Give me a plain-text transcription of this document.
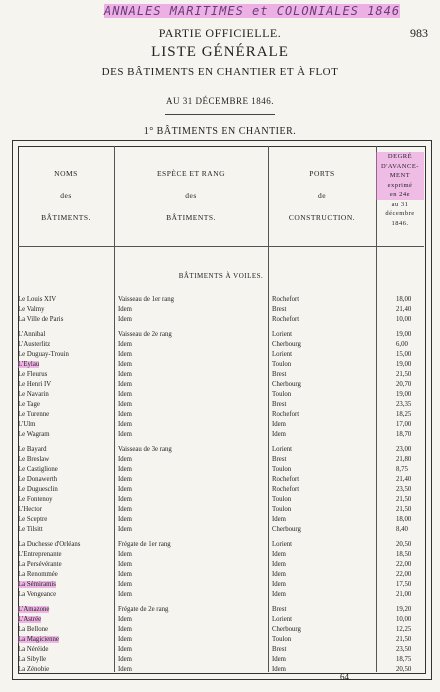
ANNALES MARITIMES et COLONIALES 1846
983
PARTIE OFFICIELLE.
LISTE GÉNÉRALE
DES BÂTIMENTS EN CHANTIER ET À FLOT
AU 31 DÉCEMBRE 1846.
1° BÂTIMENTS EN CHANTIER.
NOMS
des
BÂTIMENTS.
ESPÈCE ET RANG
des
BÂTIMENTS.
PORTS
de
CONSTRUCTION.
DEGRÉ
D'AVANCE-
MENT
exprimé
en 24e
au 31
décembre
1846.
BÂTIMENTS À VOILES.
Le Louis XIV	Vaisseau de 1er rang	Rochefort	18,00
Le Valmy	Idem	Brest	21,40
La Ville de Paris	Idem	Rochefort	10,00
L'Annibal	Vaisseau de 2e rang	Lorient	19,00
L'Austerlitz	Idem	Cherbourg	6,00
Le Duguay-Trouin	Idem	Lorient	15,00
L'Eylau	Idem	Toulon	19,00
Le Fleurus	Idem	Brest	21,50
Le Henri IV	Idem	Cherbourg	20,70
Le Navarin	Idem	Toulon	19,00
Le Tage	Idem	Brest	23,35
Le Turenne	Idem	Rochefort	18,25
L'Ulm	Idem	Idem	17,00
Le Wagram	Idem	Idem	18,70
Le Bayard	Vaisseau de 3e rang	Lorient	23,00
Le Breslaw	Idem	Brest	21,80
Le Castiglione	Idem	Toulon	8,75
Le Donawerth	Idem	Rochefort	21,40
Le Duguesclin	Idem	Rochefort	23,50
Le Fontenoy	Idem	Toulon	21,50
L'Hector	Idem	Toulon	21,50
Le Sceptre	Idem	Idem	18,00
Le Tilsitt	Idem	Cherbourg	8,40
La Duchesse d'Orléans	Frégate de 1er rang	Lorient	20,50
L'Entreprenante	Idem	Idem	18,50
La Persévérante	Idem	Idem	22,00
La Renommée	Idem	Idem	22,00
La Sémiramis	Idem	Idem	17,50
La Vengeance	Idem	Idem	21,00
L'Amazone	Frégate de 2e rang	Brest	19,20
L'Astrée	Idem	Lorient	10,00
La Bellone	Idem	Cherbourg	12,25
La Magicienne	Idem	Toulon	21,50
La Néréide	Idem	Brest	23,50
La Sibylle	Idem	Idem	18,75
La Zénobie	Idem	Idem	20,50
64.
